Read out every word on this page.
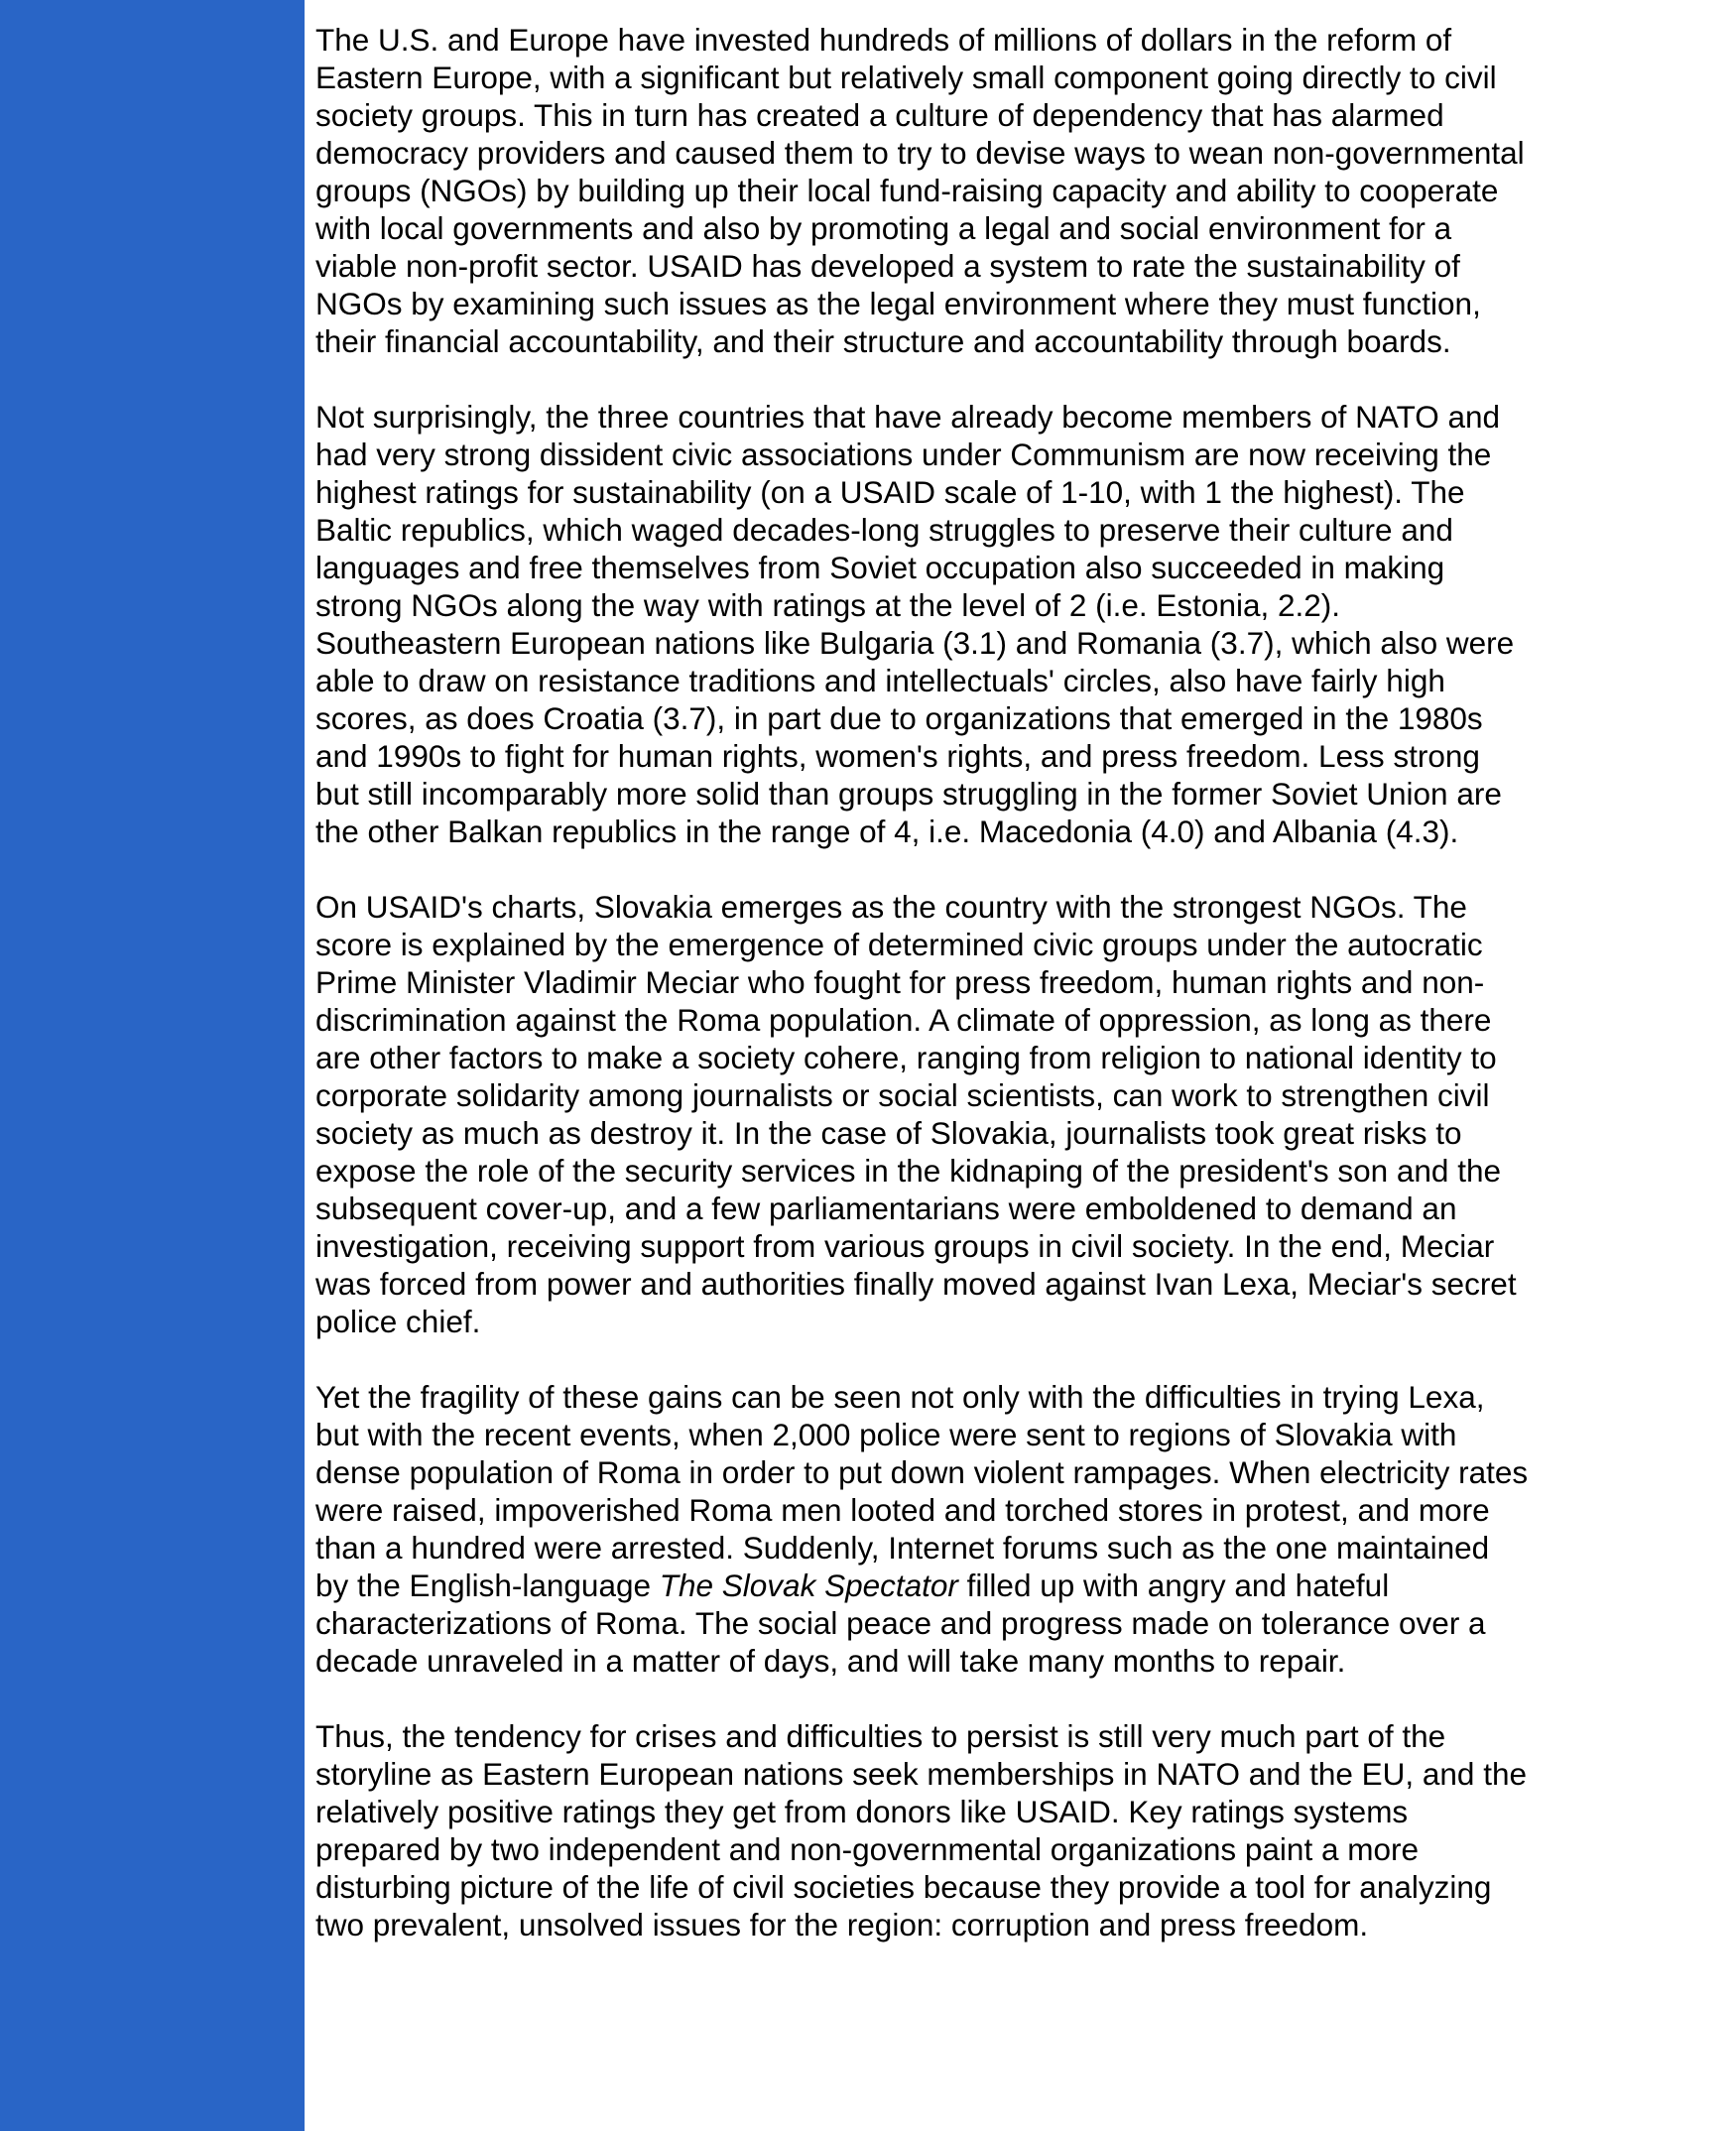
The U.S. and Europe have invested hundreds of millions of dollars in the reform of Eastern Europe, with a significant but relatively small component going directly to civil society groups. This in turn has created a culture of dependency that has alarmed democracy providers and caused them to try to devise ways to wean non-governmental groups (NGOs) by building up their local fund-raising capacity and ability to cooperate with local governments and also by promoting a legal and social environment for a viable non-profit sector. USAID has developed a system to rate the sustainability of NGOs by examining such issues as the legal environment where they must function, their financial accountability, and their structure and accountability through boards.

Not surprisingly, the three countries that have already become members of NATO and had very strong dissident civic associations under Communism are now receiving the highest ratings for sustainability (on a USAID scale of 1-10, with 1 the highest). The Baltic republics, which waged decades-long struggles to preserve their culture and languages and free themselves from Soviet occupation also succeeded in making strong NGOs along the way with ratings at the level of 2 (i.e. Estonia, 2.2). Southeastern European nations like Bulgaria (3.1) and Romania (3.7), which also were able to draw on resistance traditions and intellectuals' circles, also have fairly high scores, as does Croatia (3.7), in part due to organizations that emerged in the 1980s and 1990s to fight for human rights, women's rights, and press freedom. Less strong but still incomparably more solid than groups struggling in the former Soviet Union are the other Balkan republics in the range of 4, i.e. Macedonia (4.0) and Albania (4.3).

On USAID's charts, Slovakia emerges as the country with the strongest NGOs. The score is explained by the emergence of determined civic groups under the autocratic Prime Minister Vladimir Meciar who fought for press freedom, human rights and non-discrimination against the Roma population. A climate of oppression, as long as there are other factors to make a society cohere, ranging from religion to national identity to corporate solidarity among journalists or social scientists, can work to strengthen civil society as much as destroy it. In the case of Slovakia, journalists took great risks to expose the role of the security services in the kidnaping of the president's son and the subsequent cover-up, and a few parliamentarians were emboldened to demand an investigation, receiving support from various groups in civil society. In the end, Meciar was forced from power and authorities finally moved against Ivan Lexa, Meciar's secret police chief.

Yet the fragility of these gains can be seen not only with the difficulties in trying Lexa, but with the recent events, when 2,000 police were sent to regions of Slovakia with dense population of Roma in order to put down violent rampages. When electricity rates were raised, impoverished Roma men looted and torched stores in protest, and more than a hundred were arrested. Suddenly, Internet forums such as the one maintained by the English-language The Slovak Spectator filled up with angry and hateful characterizations of Roma. The social peace and progress made on tolerance over a decade unraveled in a matter of days, and will take many months to repair.

Thus, the tendency for crises and difficulties to persist is still very much part of the storyline as Eastern European nations seek memberships in NATO and the EU, and the relatively positive ratings they get from donors like USAID. Key ratings systems prepared by two independent and non-governmental organizations paint a more disturbing picture of the life of civil societies because they provide a tool for analyzing two prevalent, unsolved issues for the region: corruption and press freedom.
